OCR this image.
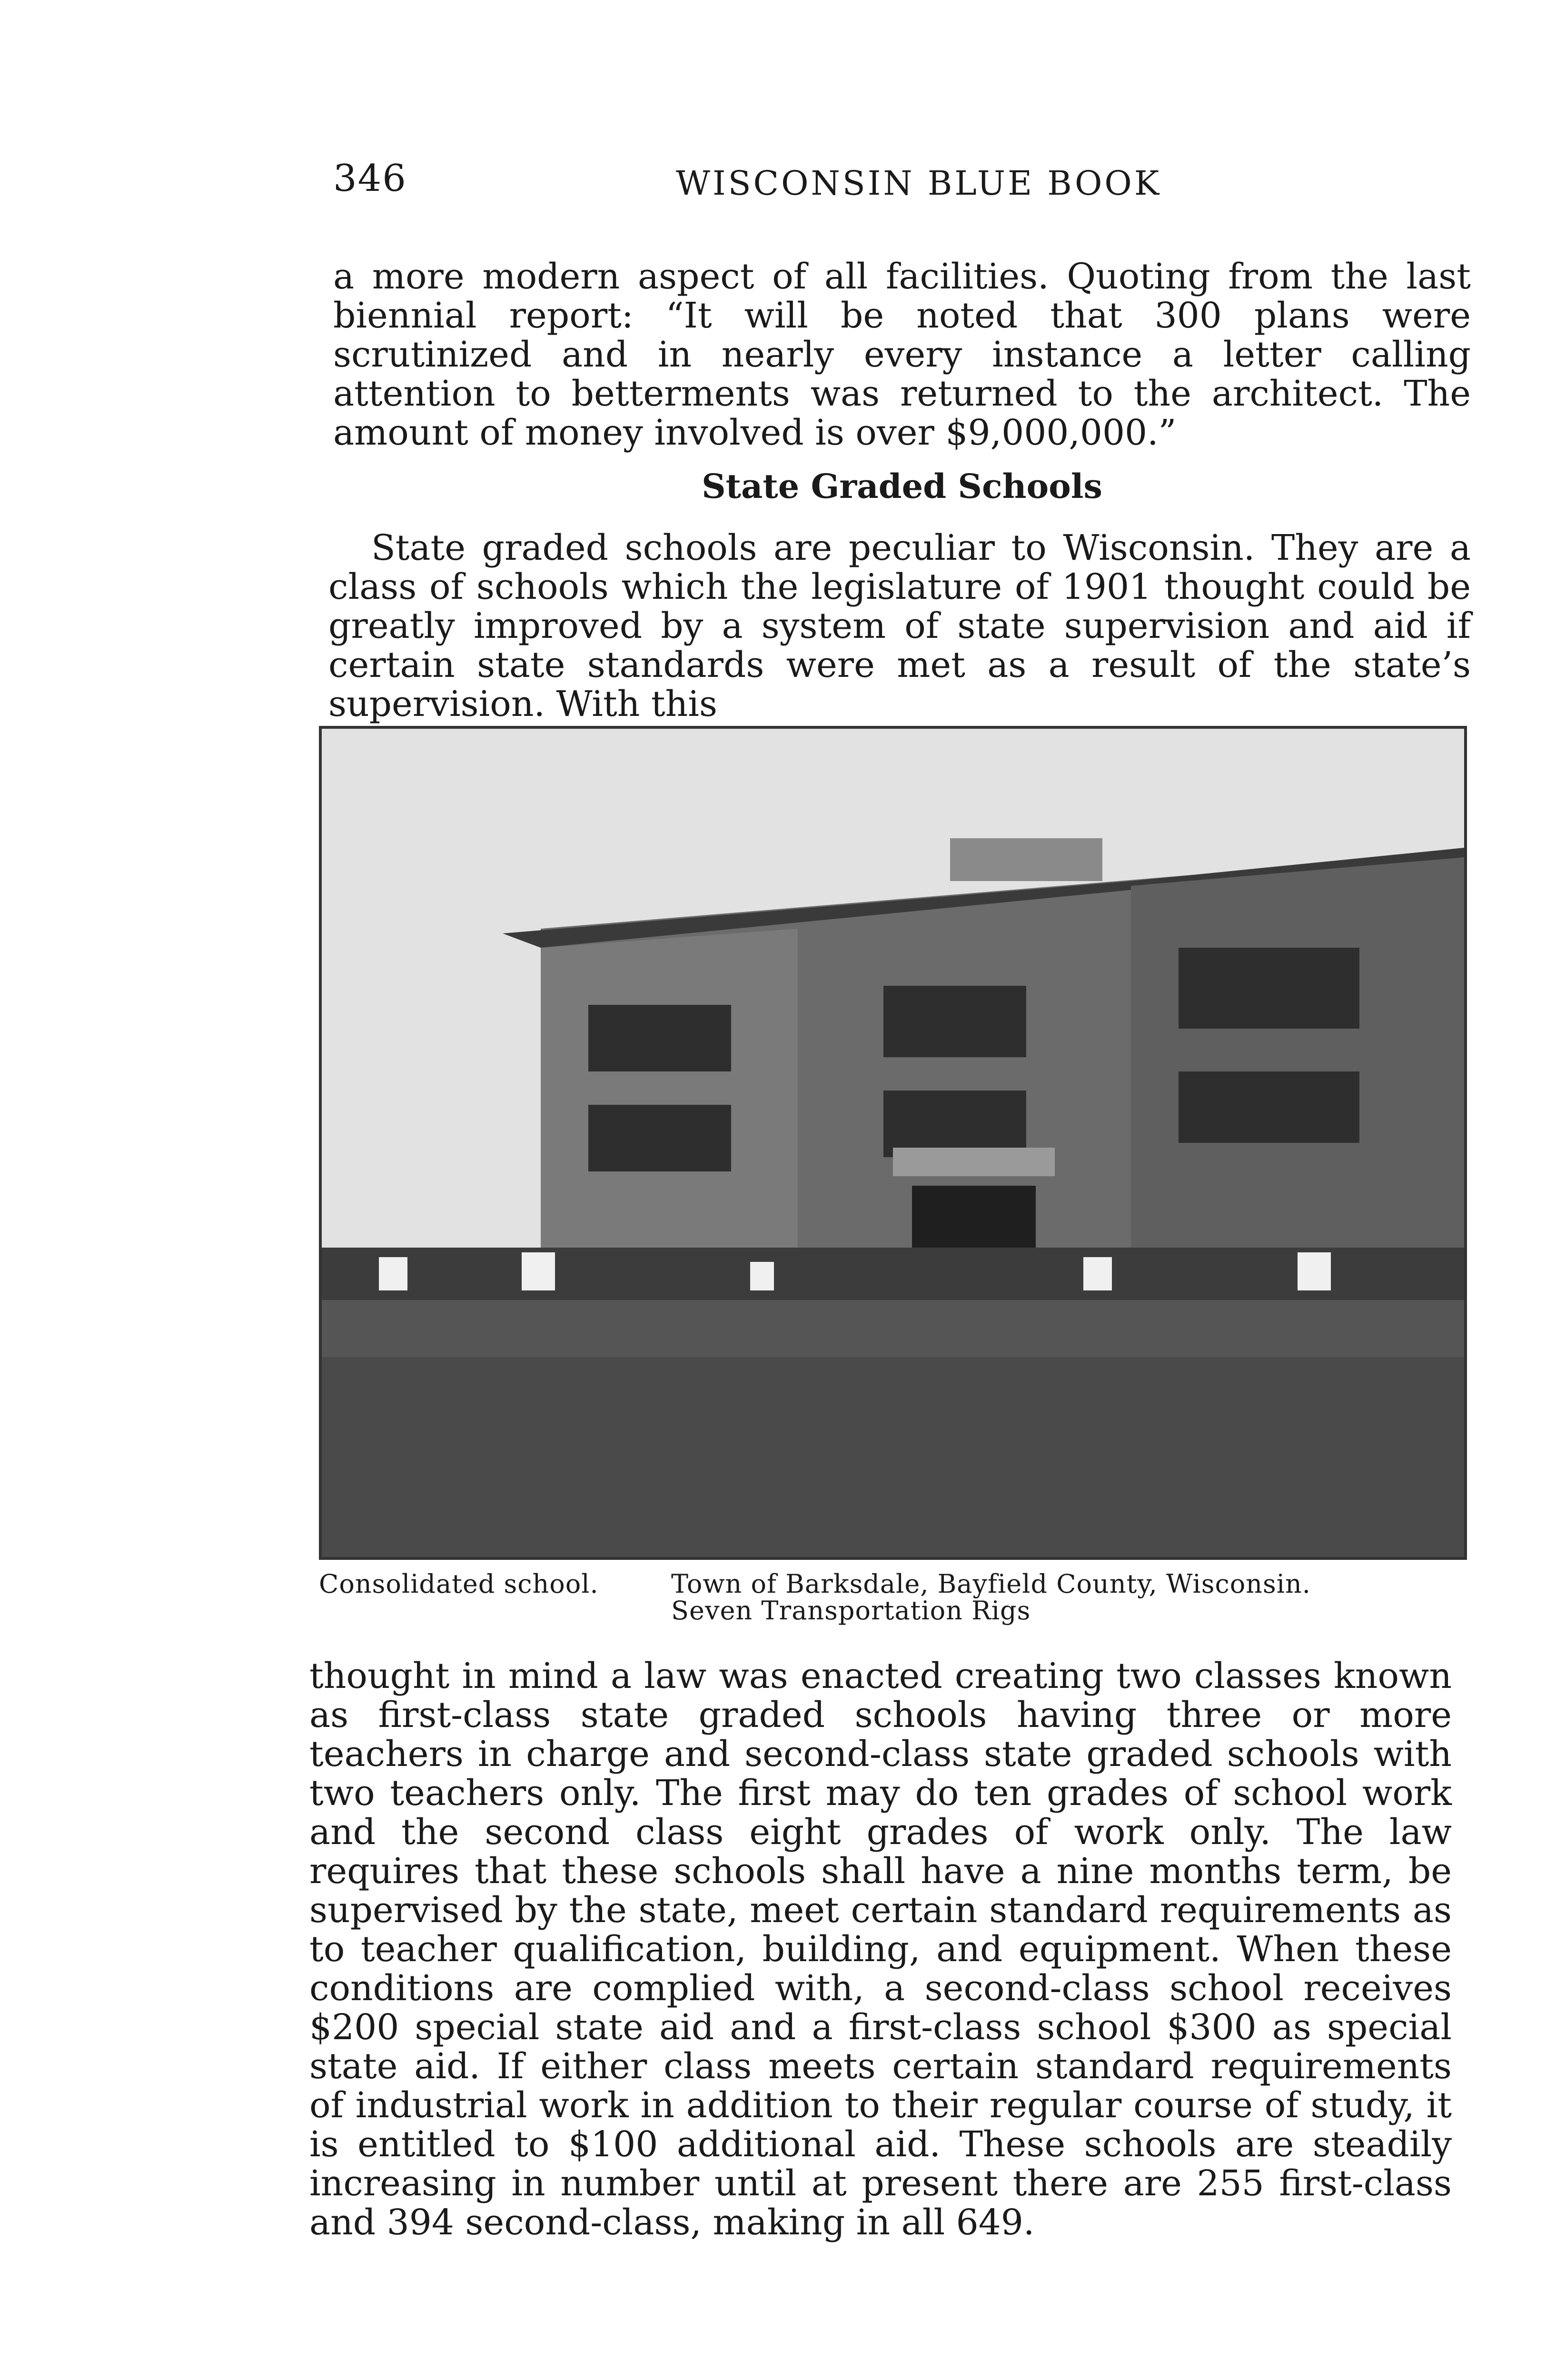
346	WISCONSIN BLUE BOOK

a more modern aspect of all facilities. Quoting from the last biennial report: “It will be noted that 300 plans were scrutinized and in nearly every instance a letter calling attention to betterments was returned to the architect. The amount of money involved is over $9,000,000.”

State Graded Schools

State graded schools are peculiar to Wisconsin. They are a class of schools which the legislature of 1901 thought could be greatly improved by a system of state supervision and aid if certain state standards were met as a result of the state’s supervision. With this

Consolidated school.	Town of Barksdale, Bayfield County, Wisconsin.
Seven Transportation Rigs

thought in mind a law was enacted creating two classes known as first-class state graded schools having three or more teachers in charge and second-class state graded schools with two teachers only. The first may do ten grades of school work and the second class eight grades of work only. The law requires that these schools shall have a nine months term, be supervised by the state, meet certain standard requirements as to teacher qualification, building, and equipment. When these conditions are complied with, a second-class school receives $200 special state aid and a first-class school $300 as special state aid. If either class meets certain standard requirements of industrial work in addition to their regular course of study, it is entitled to $100 additional aid. These schools are steadily increasing in number until at present there are 255 first-class and 394 second-class, making in all 649.
